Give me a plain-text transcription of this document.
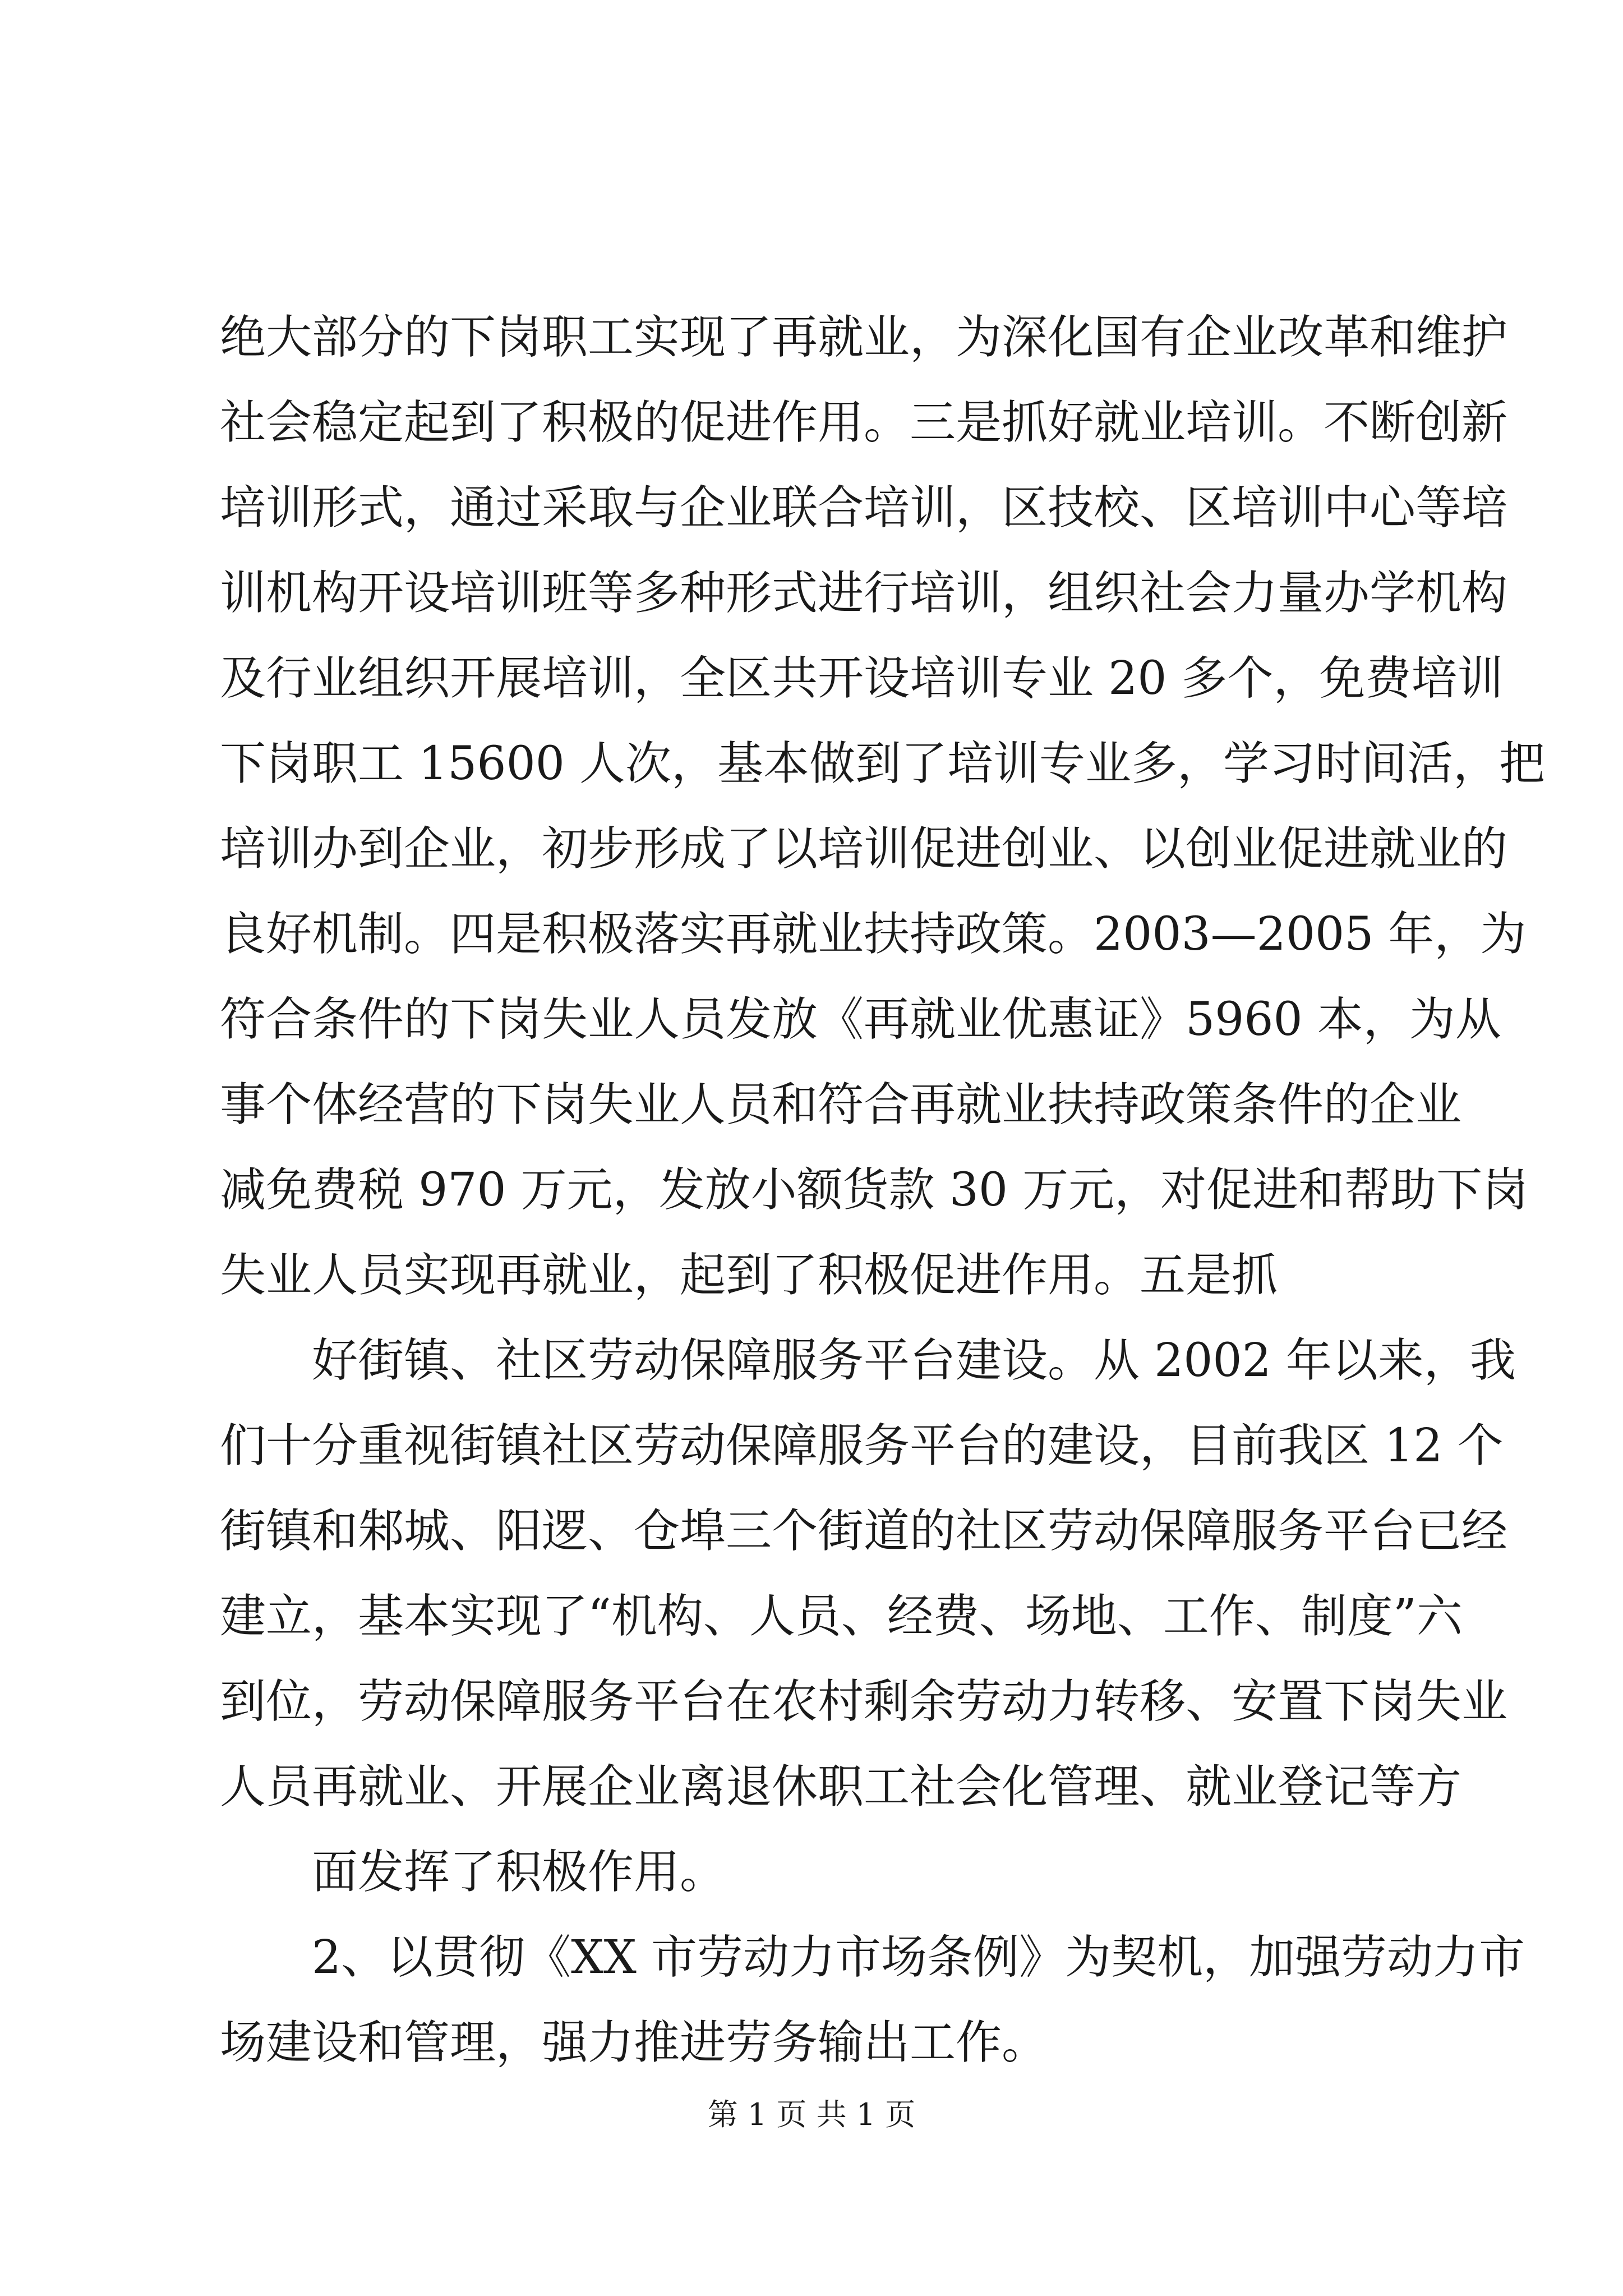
绝大部分的下岗职工实现了再就业，为深化国有企业改革和维护
社会稳定起到了积极的促进作用。三是抓好就业培训。不断创新
培训形式，通过采取与企业联合培训，区技校、区培训中心等培
训机构开设培训班等多种形式进行培训，组织社会力量办学机构
及行业组织开展培训，全区共开设培训专业 20 多个，免费培训
下岗职工 15600 人次，基本做到了培训专业多，学习时间活，把
培训办到企业，初步形成了以培训促进创业、以创业促进就业的
良好机制。四是积极落实再就业扶持政策。2003—2005 年，为
符合条件的下岗失业人员发放《再就业优惠证》5960 本，为从
事个体经营的下岗失业人员和符合再就业扶持政策条件的企业
减免费税 970 万元，发放小额货款 30 万元，对促进和帮助下岗
失业人员实现再就业，起到了积极促进作用。五是抓
好街镇、社区劳动保障服务平台建设。从 2002 年以来，我
们十分重视街镇社区劳动保障服务平台的建设，目前我区 12 个
街镇和邾城、阳逻、仓埠三个街道的社区劳动保障服务平台已经
建立，基本实现了“机构、人员、经费、场地、工作、制度”六
到位，劳动保障服务平台在农村剩余劳动力转移、安置下岗失业
人员再就业、开展企业离退休职工社会化管理、就业登记等方
面发挥了积极作用。
2、以贯彻《XX 市劳动力市场条例》为契机，加强劳动力市
场建设和管理，强力推进劳务输出工作。
第 1 页 共 1 页
